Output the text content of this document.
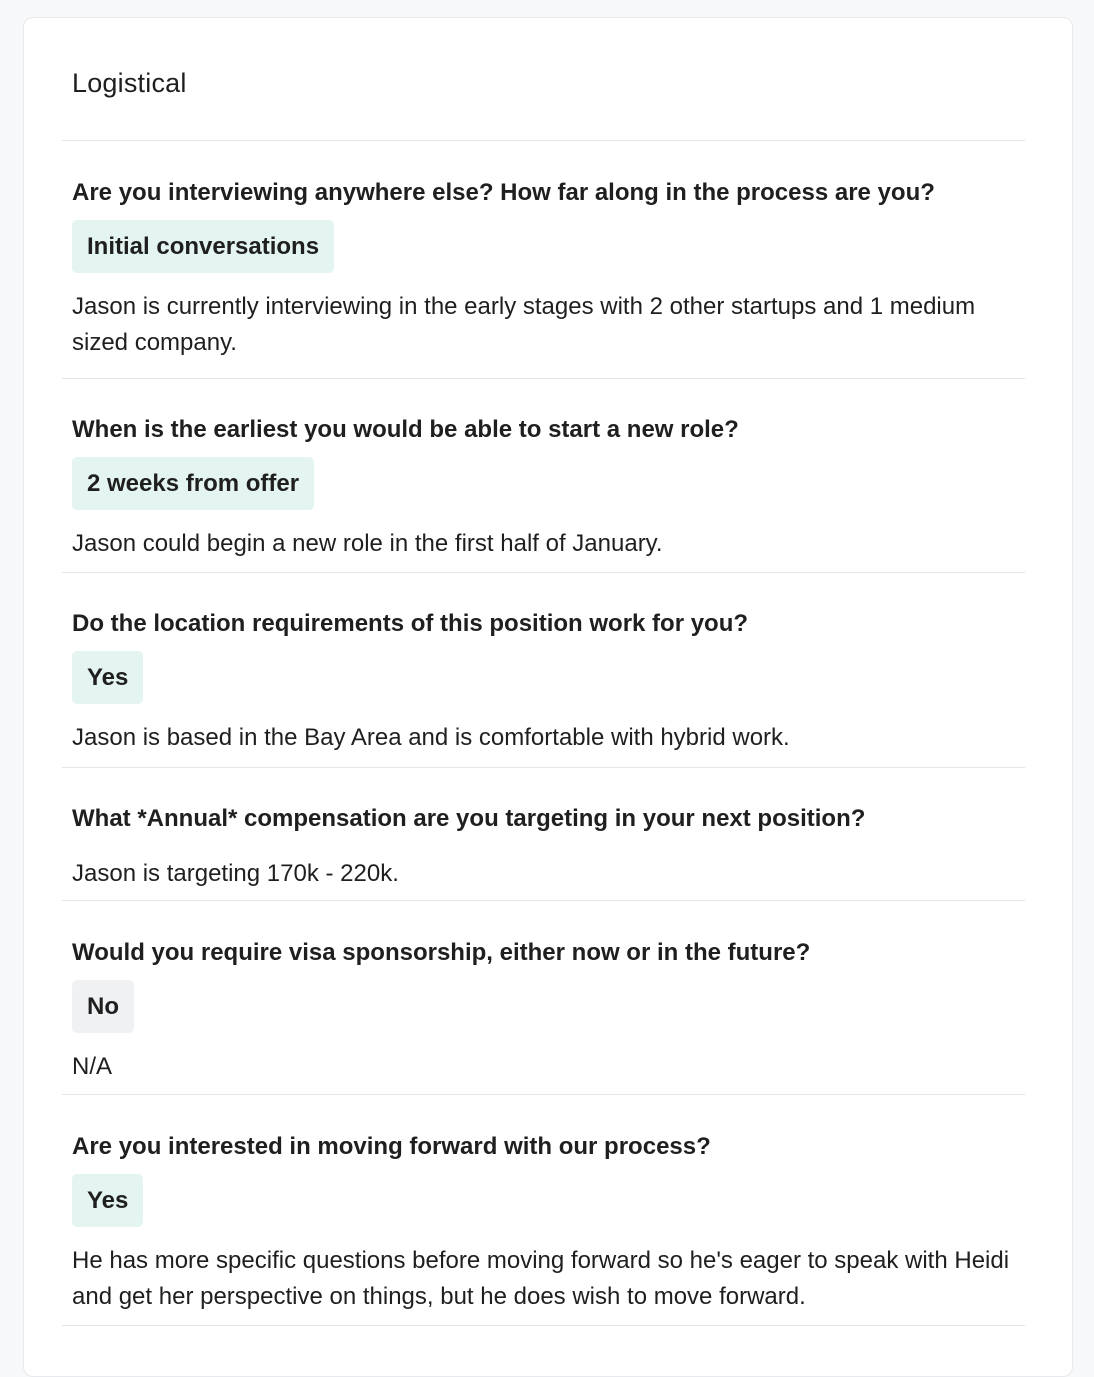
Logistical

Are you interviewing anywhere else? How far along in the process are you?

Initial conversations

Jason is currently interviewing in the early stages with 2 other startups and 1 medium sized company.

When is the earliest you would be able to start a new role?

2 weeks from offer

Jason could begin a new role in the first half of January.

Do the location requirements of this position work for you?

Yes

Jason is based in the Bay Area and is comfortable with hybrid work.

What *Annual* compensation are you targeting in your next position?

Jason is targeting 170k - 220k.

Would you require visa sponsorship, either now or in the future?

No

N/A

Are you interested in moving forward with our process?

Yes

He has more specific questions before moving forward so he's eager to speak with Heidi and get her perspective on things, but he does wish to move forward.
